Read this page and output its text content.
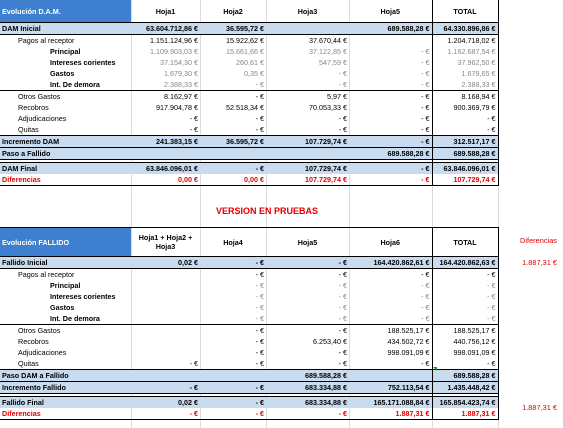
Evolución D.A.M.	Hoja1	Hoja2	Hoja3	Hoja5	TOTAL
DAM Inicial	63.604.712,86 €	36.595,72 €		689.588,28 €	64.330.896,86 €
Pagos al receptor	1.151.124,96 €	15.922,62 €	37.670,44 €		1.204.718,02 €
Principal	1.109.903,03 €	15.661,66 €	37.122,85 €	- €	1.162.687,54 €
Intereses corientes	37.154,30 €	260,61 €	547,59 €	- €	37.962,50 €
Gastos	1.679,30 €	0,35 €	- €	- €	1.679,65 €
Int. De demora	2.388,33 €	- €	- €	- €	2.388,33 €
Otros Gastos	8.162,97 €	- €	5,97 €	- €	8.168,94 €
Recobros	917.904,78 €	52.518,34 €	70.053,33 €	- €	900.369,79 €
Adjudicaciones	- €	- €	- €	- €	- €
Quitas	- €	- €	- €	- €	- €
Incremento DAM	241.383,15 €	36.595,72 €	107.729,74 €	- €	312.517,17 €
Paso a Fallido				689.588,28 €	689.588,28 €

DAM Final	63.846.096,01 €	- €	107.729,74 €	- €	63.846.096,01 €
Diferencias	0,00 €	0,00 €	107.729,74 €	- €	107.729,74 €
VERSION EN PRUEBAS
Evolución FALLIDO	Hoja1 + Hoja2 + Hoja3	Hoja4	Hoja5	Hoja6	TOTAL
Fallido Inicial	0,02 €	- €	- €	164.420.862,61 €	164.420.862,63 €
Pagos al receptor		- €	- €	- €	- €
Principal		- €	- €	- €	- €
Intereses corientes		- €	- €	- €	- €
Gastos		- €	- €	- €	- €
Int. De demora		- €	- €	- €	- €
Otros Gastos		- €	- €	188.525,17 €	188.525,17 €
Recobros		- €	6.253,40 €	434.502,72 €	440.756,12 €
Adjudicaciones		- €	- €	998.091,09 €	998.091,09 €
Quitas	- €	- €	- €	- €	- €
Paso DAM a Fallido			689.588,28 €		689.588,28 €
Incremento Fallido	- €	- €	683.334,88 €	752.113,54 €	1.435.448,42 €

Fallido Final	0,02 €	- €	683.334,88 €	165.171.088,84 €	165.854.423,74 €
Diferencias	- €	- €	- €	1.887,31 €	1.887,31 €
Diferencias
1.887,31 €
1.887,31 €
